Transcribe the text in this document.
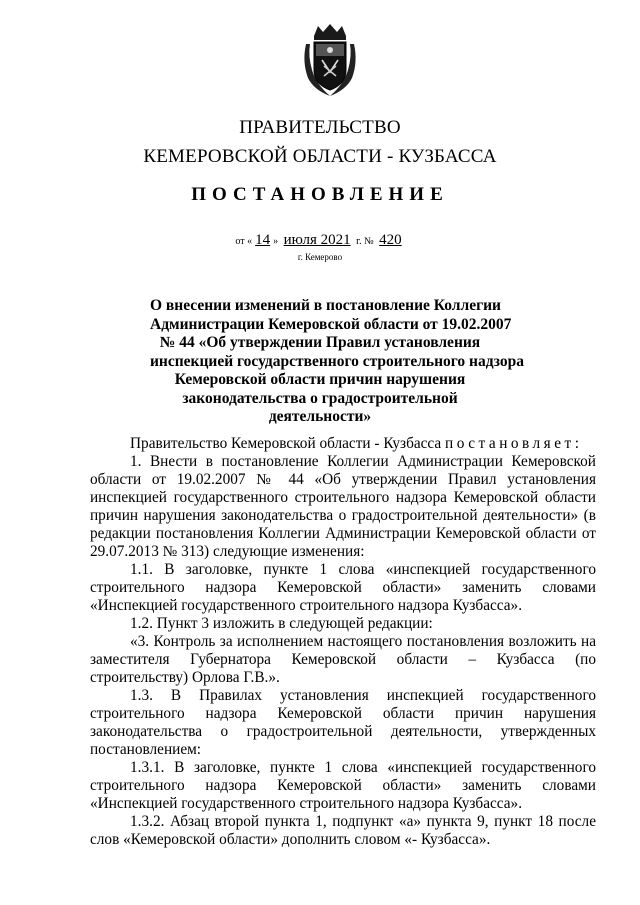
ПРАВИТЕЛЬСТВО
КЕМЕРОВСКОЙ ОБЛАСТИ - КУЗБАССА
ПОСТАНОВЛЕНИЕ
от « 14 » июля 2021 г. № 420
г. Кемерово
О внесении изменений в постановление Коллегии
Администрации Кемеровской области от 19.02.2007
№ 44 «Об утверждении Правил установления
инспекцией государственного строительного надзора
Кемеровской области причин нарушения
законодательства о градостроительной
деятельности»
Правительство Кемеровской области - Кузбасса постановляет:
1. Внести в постановление Коллегии Администрации Кемеровской
области от 19.02.2007 № 44 «Об утверждении Правил установления
инспекцией государственного строительного надзора Кемеровской области
причин нарушения законодательства о градостроительной деятельности» (в
редакции постановления Коллегии Администрации Кемеровской области от
29.07.2013 № 313) следующие изменения:
1.1. В заголовке, пункте 1 слова «инспекцией государственного
строительного надзора Кемеровской области» заменить словами
«Инспекцией государственного строительного надзора Кузбасса».
1.2. Пункт 3 изложить в следующей редакции:
«3. Контроль за исполнением настоящего постановления возложить на
заместителя Губернатора Кемеровской области – Кузбасса (по
строительству) Орлова Г.В.».
1.3. В Правилах установления инспекцией государственного
строительного надзора Кемеровской области причин нарушения
законодательства о градостроительной деятельности, утвержденных
постановлением:
1.3.1. В заголовке, пункте 1 слова «инспекцией государственного
строительного надзора Кемеровской области» заменить словами
«Инспекцией государственного строительного надзора Кузбасса».
1.3.2. Абзац второй пункта 1, подпункт «а» пункта 9, пункт 18 после
слов «Кемеровской области» дополнить словом «- Кузбасса».
